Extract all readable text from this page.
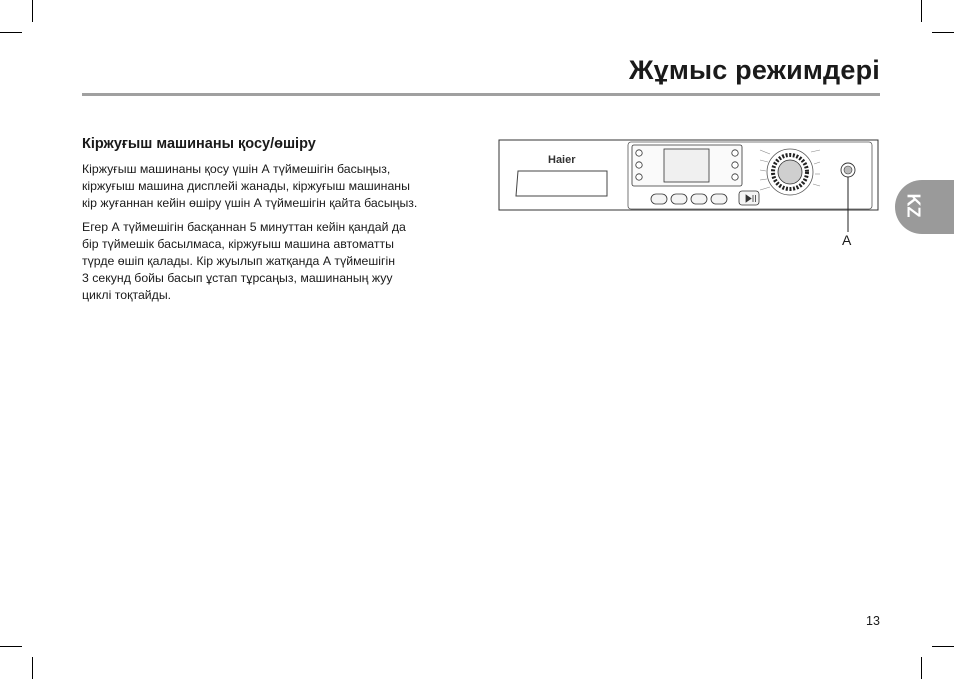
Жұмыс режимдері
Кіржуғыш машинаны қосу/өшіру

Кіржуғыш машинаны қосу үшін А түймешігін басыңыз,
кіржуғыш машина дисплейі жанады, кіржуғыш машинаны
кір жуғаннан кейін өшіру үшін А түймешігін қайта басыңыз.

Егер А түймешігін басқаннан 5 минуттан кейін қандай да
бір түймешік басылмаса, кіржуғыш машина автоматты
түрде өшіп қалады. Кір жуылып жатқанда А түймешігін
3 секунд бойы басып ұстап тұрсаңыз, машинаның жуу
циклі тоқтайды.

Haier
A
KZ
13
